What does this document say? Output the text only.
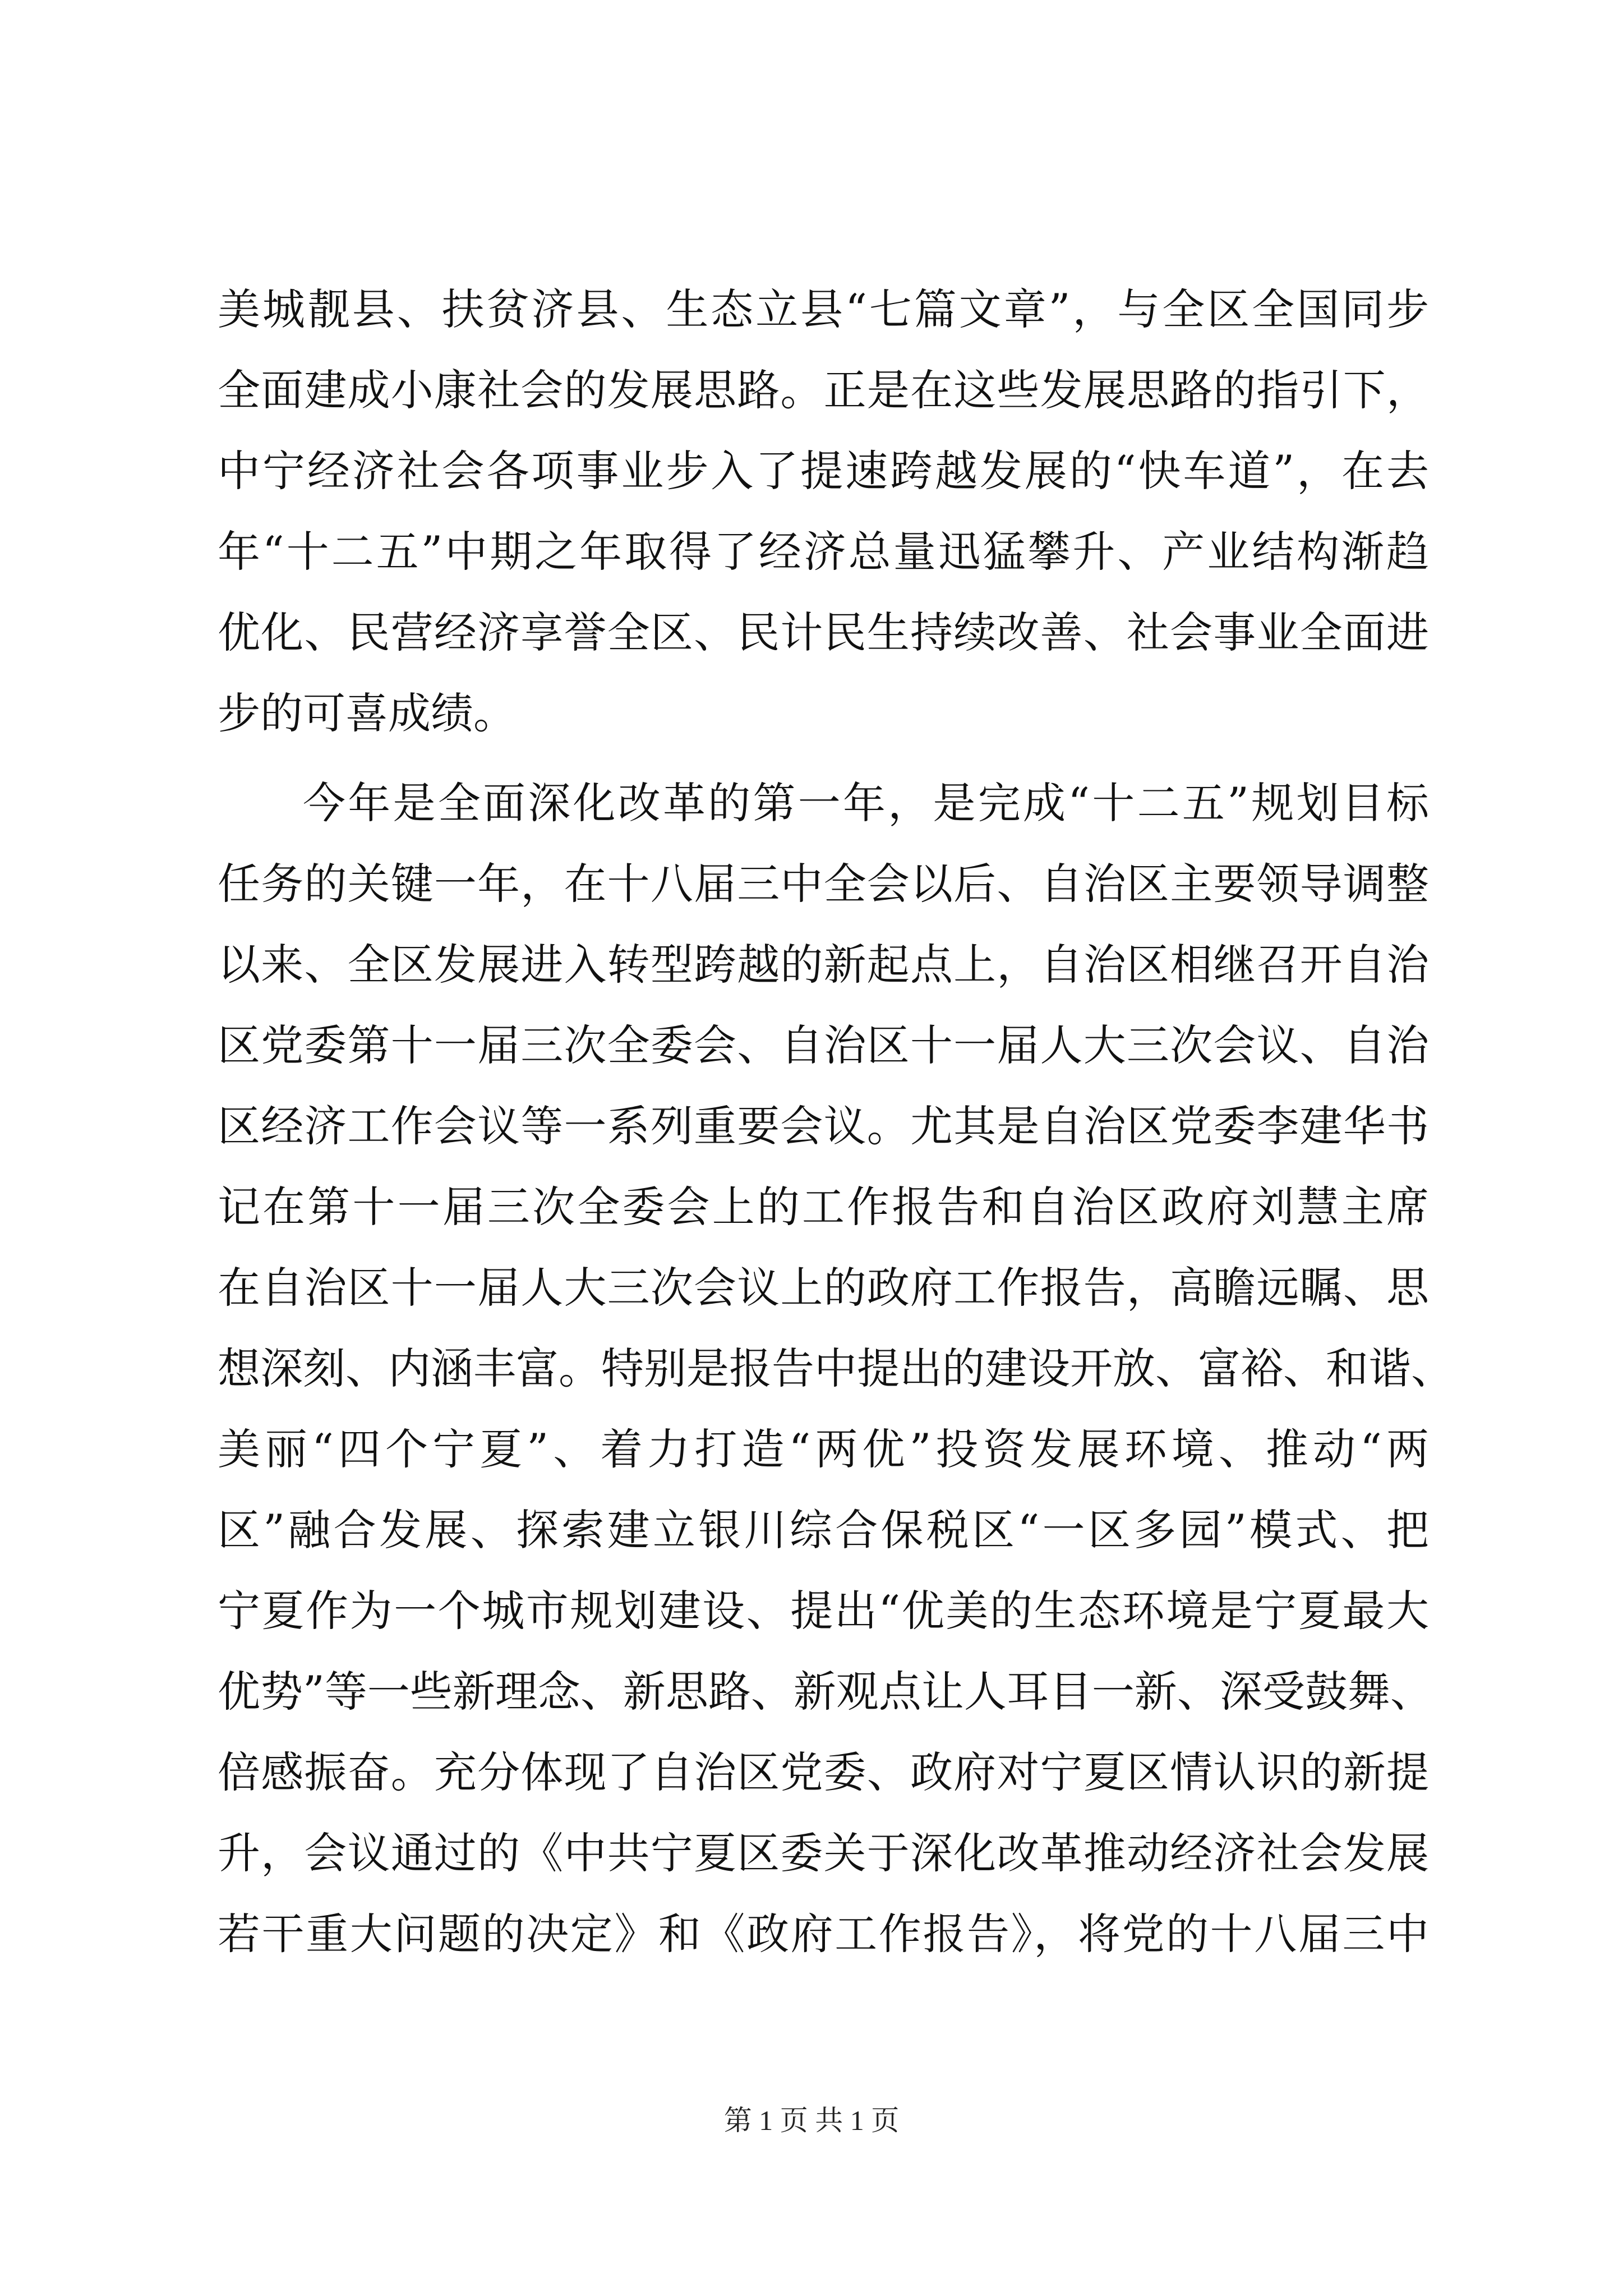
美城靓县、扶贫济县、生态立县“七篇文章”，与全区全国同步
全面建成小康社会的发展思路。正是在这些发展思路的指引下，
中宁经济社会各项事业步入了提速跨越发展的“快车道”，在去
年“十二五”中期之年取得了经济总量迅猛攀升、产业结构渐趋
优化、民营经济享誉全区、民计民生持续改善、社会事业全面进
步的可喜成绩。
今年是全面深化改革的第一年，是完成“十二五”规划目标
任务的关键一年，在十八届三中全会以后、自治区主要领导调整
以来、全区发展进入转型跨越的新起点上，自治区相继召开自治
区党委第十一届三次全委会、自治区十一届人大三次会议、自治
区经济工作会议等一系列重要会议。尤其是自治区党委李建华书
记在第十一届三次全委会上的工作报告和自治区政府刘慧主席
在自治区十一届人大三次会议上的政府工作报告，高瞻远瞩、思
想深刻、内涵丰富。特别是报告中提出的建设开放、富裕、和谐、
美丽“四个宁夏”、着力打造“两优”投资发展环境、推动“两
区”融合发展、探索建立银川综合保税区“一区多园”模式、把
宁夏作为一个城市规划建设、提出“优美的生态环境是宁夏最大
优势”等一些新理念、新思路、新观点让人耳目一新、深受鼓舞、
倍感振奋。充分体现了自治区党委、政府对宁夏区情认识的新提
升，会议通过的《中共宁夏区委关于深化改革推动经济社会发展
若干重大问题的决定》和《政府工作报告》，将党的十八届三中
第 1 页 共 1 页
